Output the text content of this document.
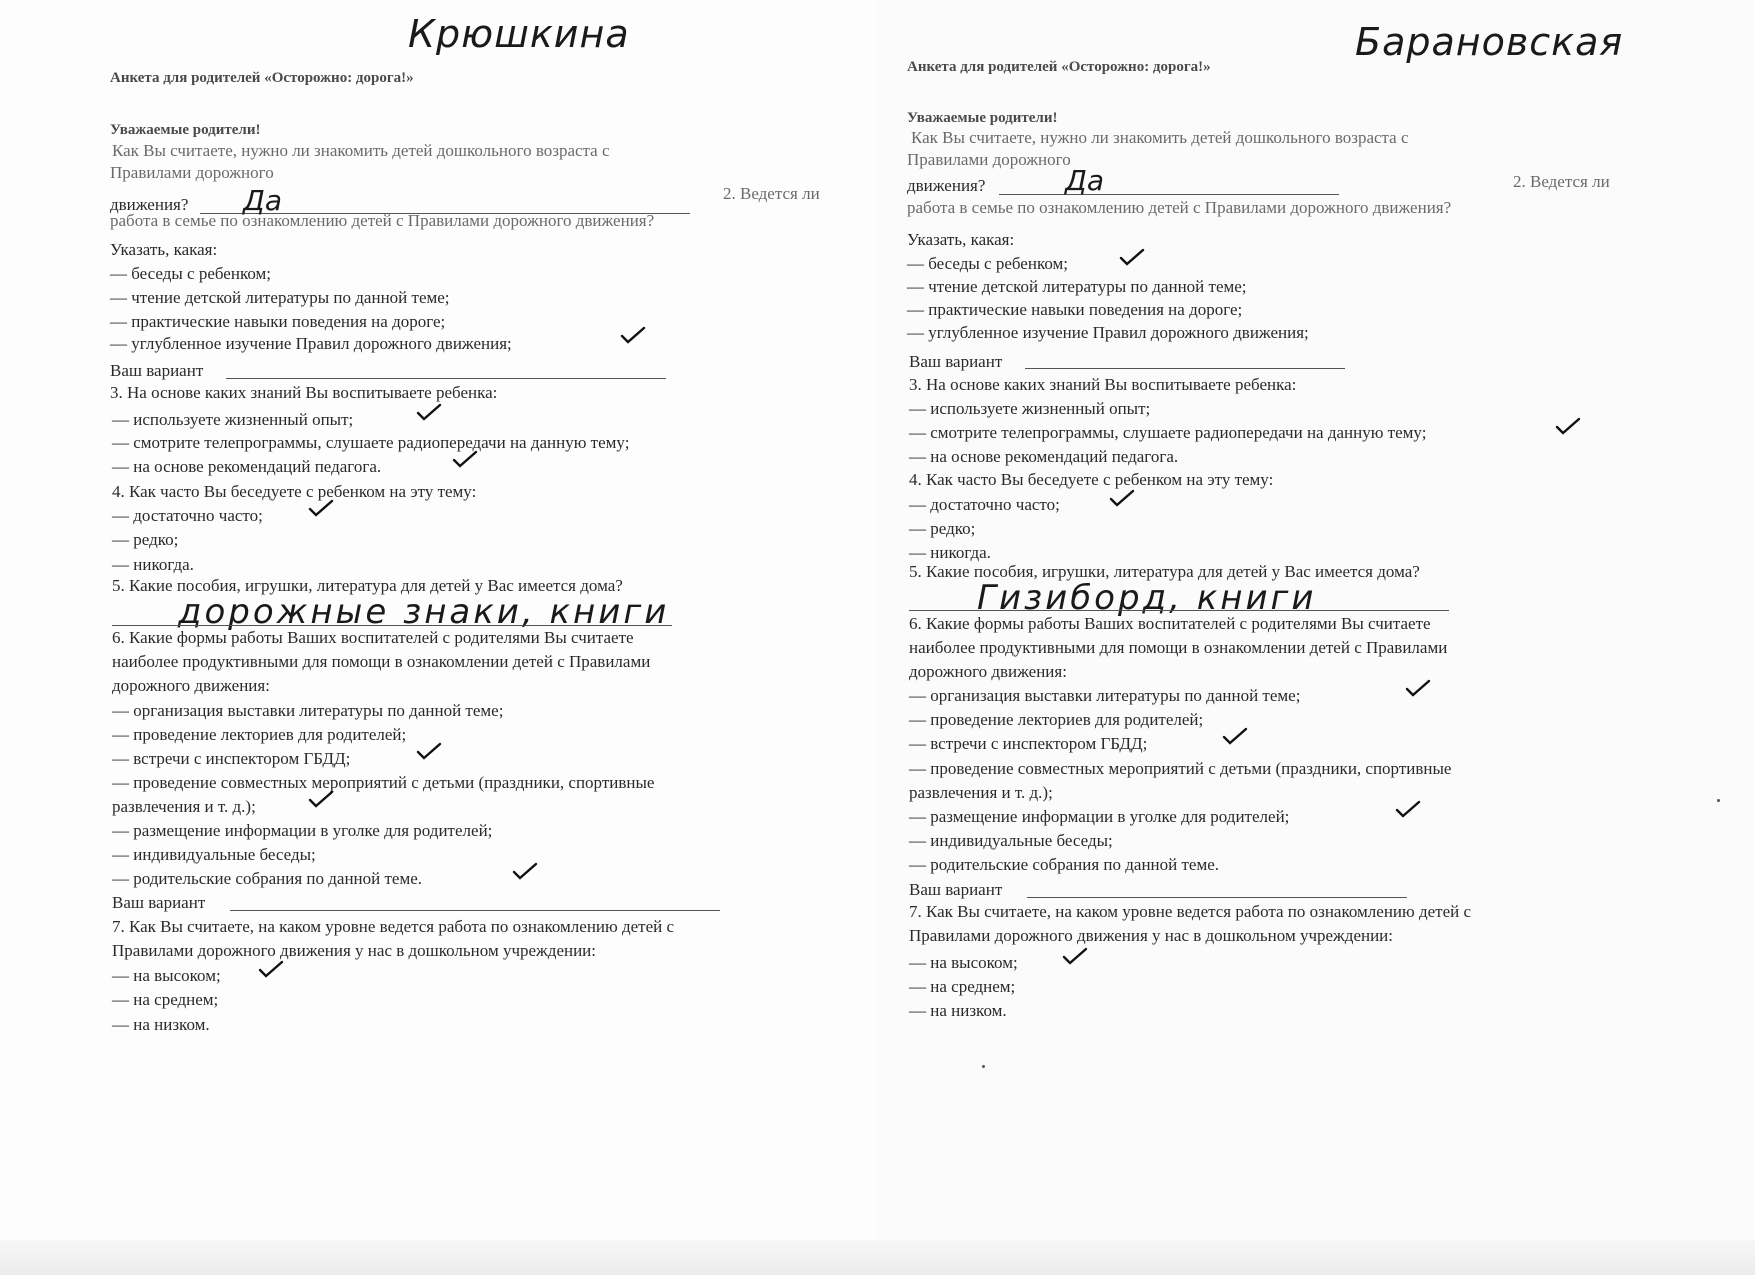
Крюшкина
Анкета для родителей «Осторожно: дорога!»
Уважаемые родители!
Как Вы считаете, нужно ли знакомить детей дошкольного возраста с
Правилами дорожного
движения? Да	2. Ведется ли
работа в семье по ознакомлению детей с Правилами дорожного движения?
Указать, какая:
— беседы с ребенком;
— чтение детской литературы по данной теме;
— практические навыки поведения на дороге;
— углубленное изучение Правил дорожного движения;
Ваш вариант
3. На основе каких знаний Вы воспитываете ребенка:
— используете жизненный опыт;
— смотрите телепрограммы, слушаете радиопередачи на данную тему;
— на основе рекомендаций педагога.
4. Как часто Вы беседуете с ребенком на эту тему:
— достаточно часто;
— редко;
— никогда.
5. Какие пособия, игрушки, литература для детей у Вас имеется дома?
дорожные знаки, книги
6. Какие формы работы Ваших воспитателей с родителями Вы считаете
наиболее продуктивными для помощи в ознакомлении детей с Правилами
дорожного движения:
— организация выставки литературы по данной теме;
— проведение лекториев для родителей;
— встречи с инспектором ГБДД;
— проведение совместных мероприятий с детьми (праздники, спортивные
развлечения и т. д.);
— размещение информации в уголке для родителей;
— индивидуальные беседы;
— родительские собрания по данной теме.
Ваш вариант
7. Как Вы считаете, на каком уровне ведется работа по ознакомлению детей с
Правилами дорожного движения у нас в дошкольном учреждении:
— на высоком;
— на среднем;
— на низком.
Барановская
Анкета для родителей «Осторожно: дорога!»
Уважаемые родители!
Как Вы считаете, нужно ли знакомить детей дошкольного возраста с
Правилами дорожного
движения?	Да	2. Ведется ли
работа в семье по ознакомлению детей с Правилами дорожного движения?
Указать, какая:
— беседы с ребенком;
— чтение детской литературы по данной теме;
— практические навыки поведения на дороге;
— углубленное изучение Правил дорожного движения;
Ваш вариант
3. На основе каких знаний Вы воспитываете ребенка:
— используете жизненный опыт;
— смотрите телепрограммы, слушаете радиопередачи на данную тему;
— на основе рекомендаций педагога.
4. Как часто Вы беседуете с ребенком на эту тему:
— достаточно часто;
— редко;
— никогда.
5. Какие пособия, игрушки, литература для детей у Вас имеется дома?
Гизиборд, книги
6. Какие формы работы Ваших воспитателей с родителями Вы считаете
наиболее продуктивными для помощи в ознакомлении детей с Правилами
дорожного движения:
— организация выставки литературы по данной теме;
— проведение лекториев для родителей;
— встречи с инспектором ГБДД;
— проведение совместных мероприятий с детьми (праздники, спортивные
развлечения и т. д.);
— размещение информации в уголке для родителей;
— индивидуальные беседы;
— родительские собрания по данной теме.
Ваш вариант
7. Как Вы считаете, на каком уровне ведется работа по ознакомлению детей с
Правилами дорожного движения у нас в дошкольном учреждении:
— на высоком;
— на среднем;
— на низком.
